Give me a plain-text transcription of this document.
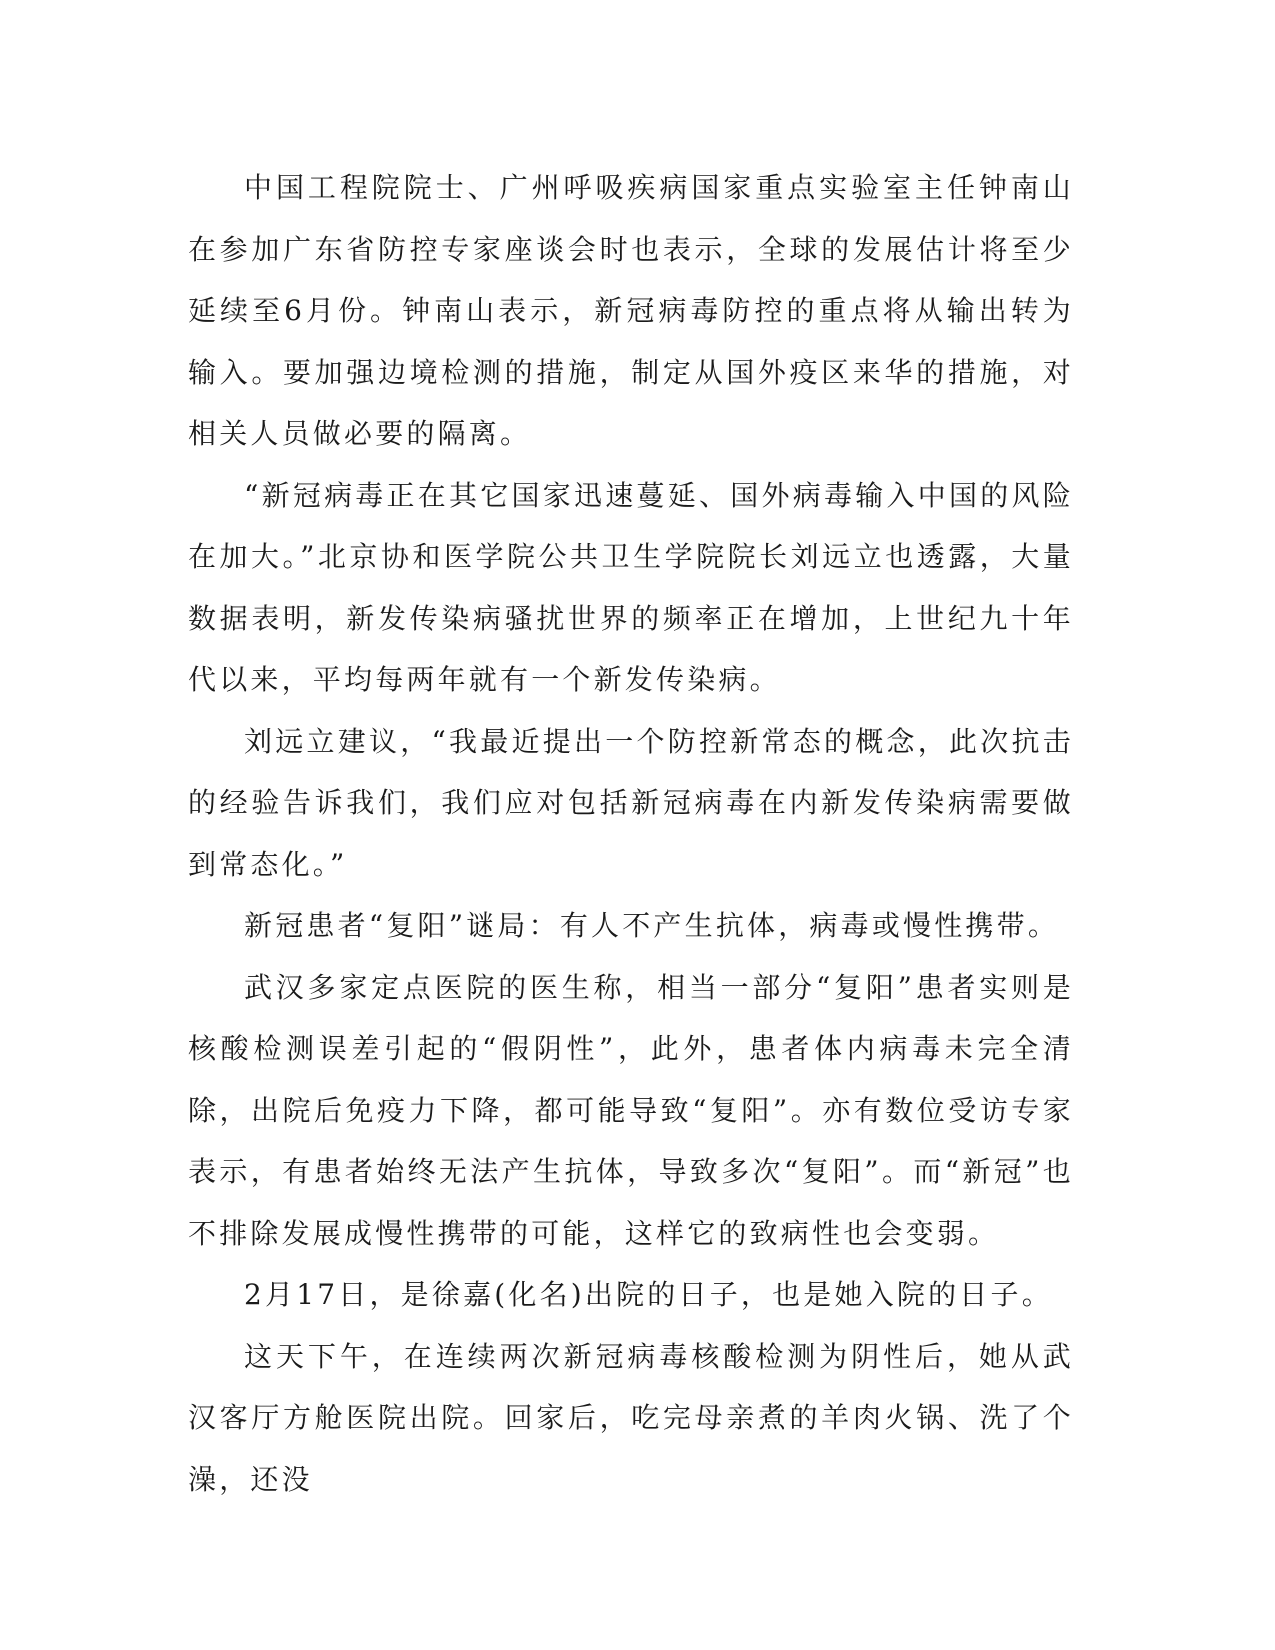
中国工程院院士、广州呼吸疾病国家重点实验室主任钟南山在参加广东省防控专家座谈会时也表示，全球的发展估计将至少延续至6月份。钟南山表示，新冠病毒防控的重点将从输出转为输入。要加强边境检测的措施，制定从国外疫区来华的措施，对相关人员做必要的隔离。

“新冠病毒正在其它国家迅速蔓延、国外病毒输入中国的风险在加大。”北京协和医学院公共卫生学院院长刘远立也透露，大量数据表明，新发传染病骚扰世界的频率正在增加，上世纪九十年代以来，平均每两年就有一个新发传染病。

刘远立建议，“我最近提出一个防控新常态的概念，此次抗击的经验告诉我们，我们应对包括新冠病毒在内新发传染病需要做到常态化。”

新冠患者“复阳”谜局：有人不产生抗体，病毒或慢性携带。

武汉多家定点医院的医生称，相当一部分“复阳”患者实则是核酸检测误差引起的“假阴性”，此外，患者体内病毒未完全清除，出院后免疫力下降，都可能导致“复阳”。亦有数位受访专家表示，有患者始终无法产生抗体，导致多次“复阳”。而“新冠”也不排除发展成慢性携带的可能，这样它的致病性也会变弱。

2月17日，是徐嘉(化名)出院的日子，也是她入院的日子。

这天下午，在连续两次新冠病毒核酸检测为阴性后，她从武汉客厅方舱医院出院。回家后，吃完母亲煮的羊肉火锅、洗了个澡，还没
